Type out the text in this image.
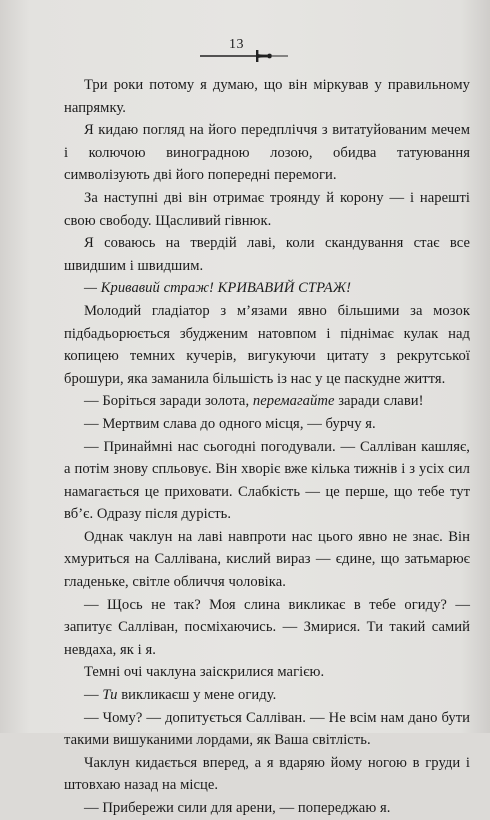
13

Три роки потому я думаю, що він міркував у правильному напрямку.

Я кидаю погляд на його передпліччя з витатуйованим мечем і колючою виноградною лозою, обидва татуювання символізують дві його попередні перемоги.

За наступні дві він отримає троянду й корону — і нарешті свою свободу. Щасливий гівнюк.

Я соваюсь на твердій лаві, коли скандування стає все швидшим і швидшим.

— Кривавий страж! КРИВАВИЙ СТРАЖ!

Молодий гладіатор з м’язами явно більшими за мозок підбадьорюється збудженим натовпом і піднімає кулак над копицею темних кучерів, вигукуючи цитату з рекрутської брошури, яка заманила більшість із нас у це паскудне життя.

— Боріться заради золота, перемагайте заради слави!

— Мертвим слава до одного місця, — бурчу я.

— Принаймні нас сьогодні погодували. — Салліван кашляє, а потім знову спльовує. Він хворіє вже кілька тижнів і з усіх сил намагається це приховати. Слабкість — це перше, що тебе тут вб’є. Одразу після дурість.

Однак чаклун на лаві навпроти нас цього явно не знає. Він хмуриться на Саллівана, кислий вираз — єдине, що затьмарює гладеньке, світле обличчя чоловіка.

— Щось не так? Моя слина викликає в тебе огиду? — запитує Салліван, посміхаючись. — Змирися. Ти такий самий невдаха, як і я.

Темні очі чаклуна заіскрилися магією.

— Ти викликаєш у мене огиду.

— Чому? — допитується Салліван. — Не всім нам дано бути такими вишуканими лордами, як Ваша світлість.

Чаклун кидається вперед, а я вдаряю йому ногою в груди і штовхаю назад на місце.

— Прибережи сили для арени, — попереджаю я.
